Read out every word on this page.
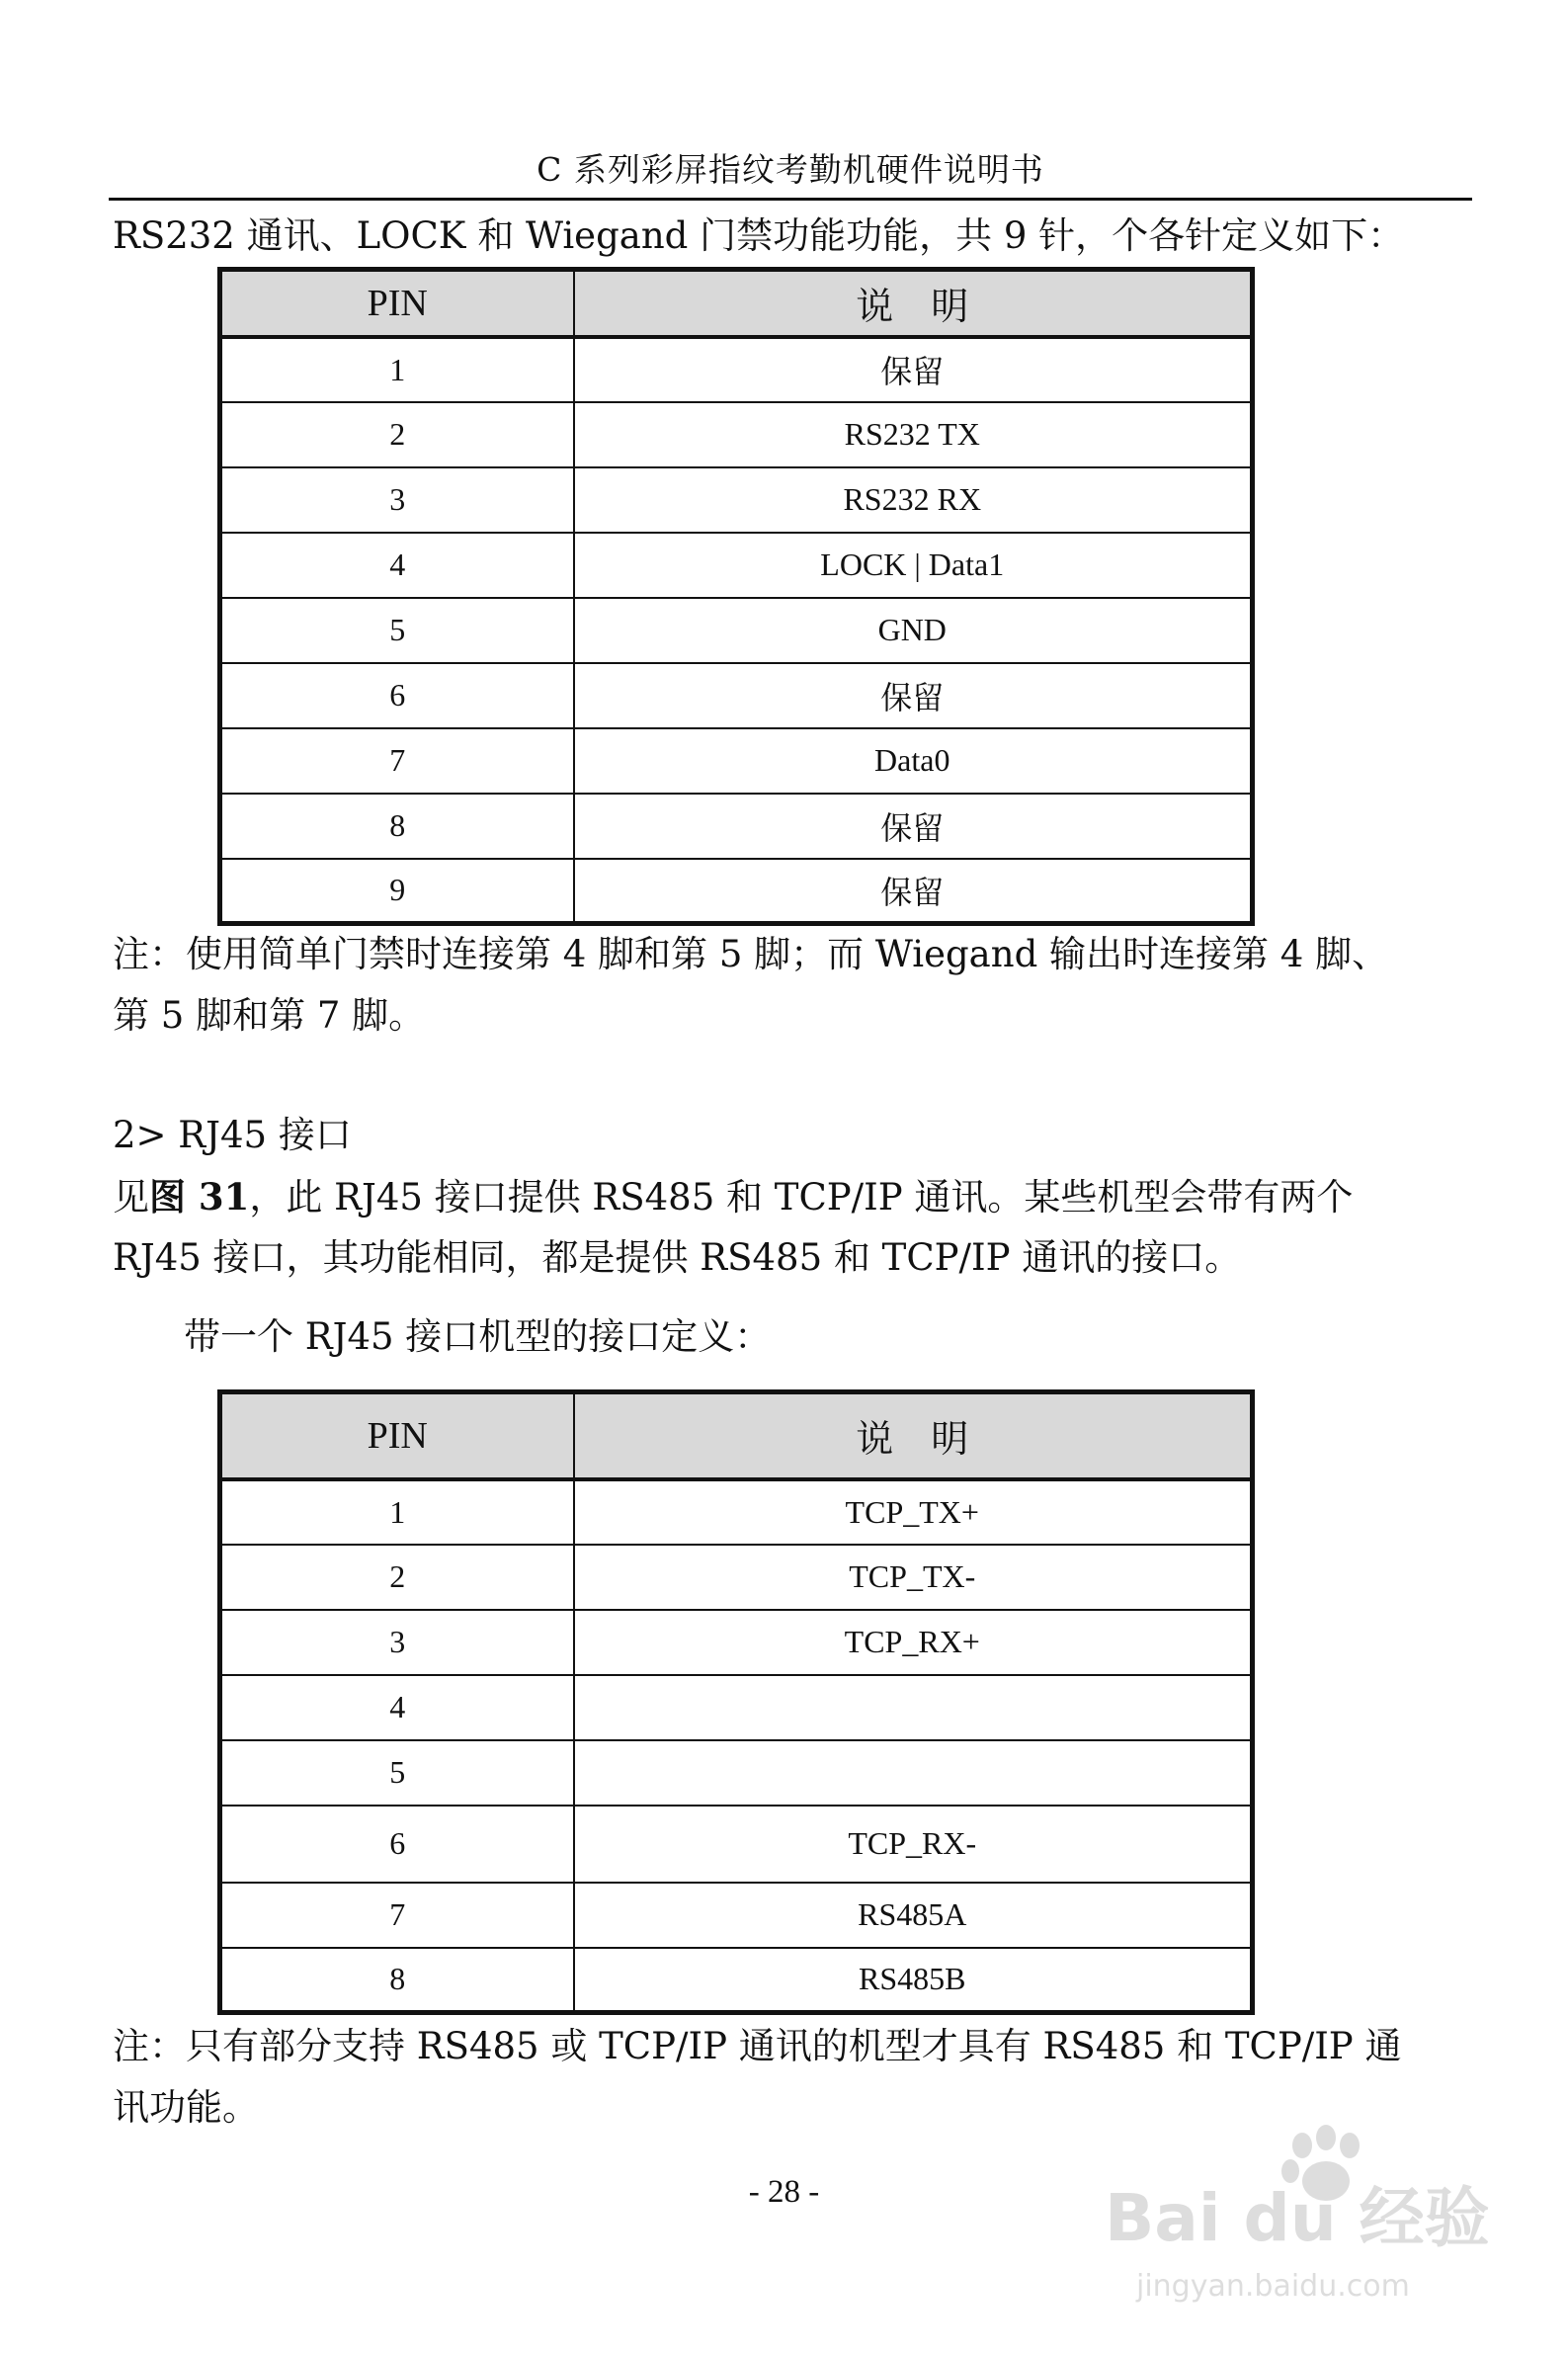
C 系列彩屏指纹考勤机硬件说明书
RS232 通讯、LOCK 和 Wiegand 门禁功能功能，共 9 针，个各针定义如下：
PIN	说　明
1	保留
2	RS232 TX
3	RS232 RX
4	LOCK | Data1
5	GND
6	保留
7	Data0
8	保留
9	保留
注：使用简单门禁时连接第 4 脚和第 5 脚；而 Wiegand 输出时连接第 4 脚、
第 5 脚和第 7 脚。
2> RJ45 接口
见图 31，此 RJ45 接口提供 RS485 和 TCP/IP 通讯。某些机型会带有两个
RJ45 接口，其功能相同，都是提供 RS485 和 TCP/IP 通讯的接口。
带一个 RJ45 接口机型的接口定义：
PIN	说　明
1	TCP_TX+
2	TCP_TX-
3	TCP_RX+
4	
5	
6	TCP_RX-
7	RS485A
8	RS485B
注：只有部分支持 RS485 或 TCP/IP 通讯的机型才具有 RS485 和 TCP/IP 通
讯功能。
- 28 -	Bai du 经验
jingyan.baidu.com
